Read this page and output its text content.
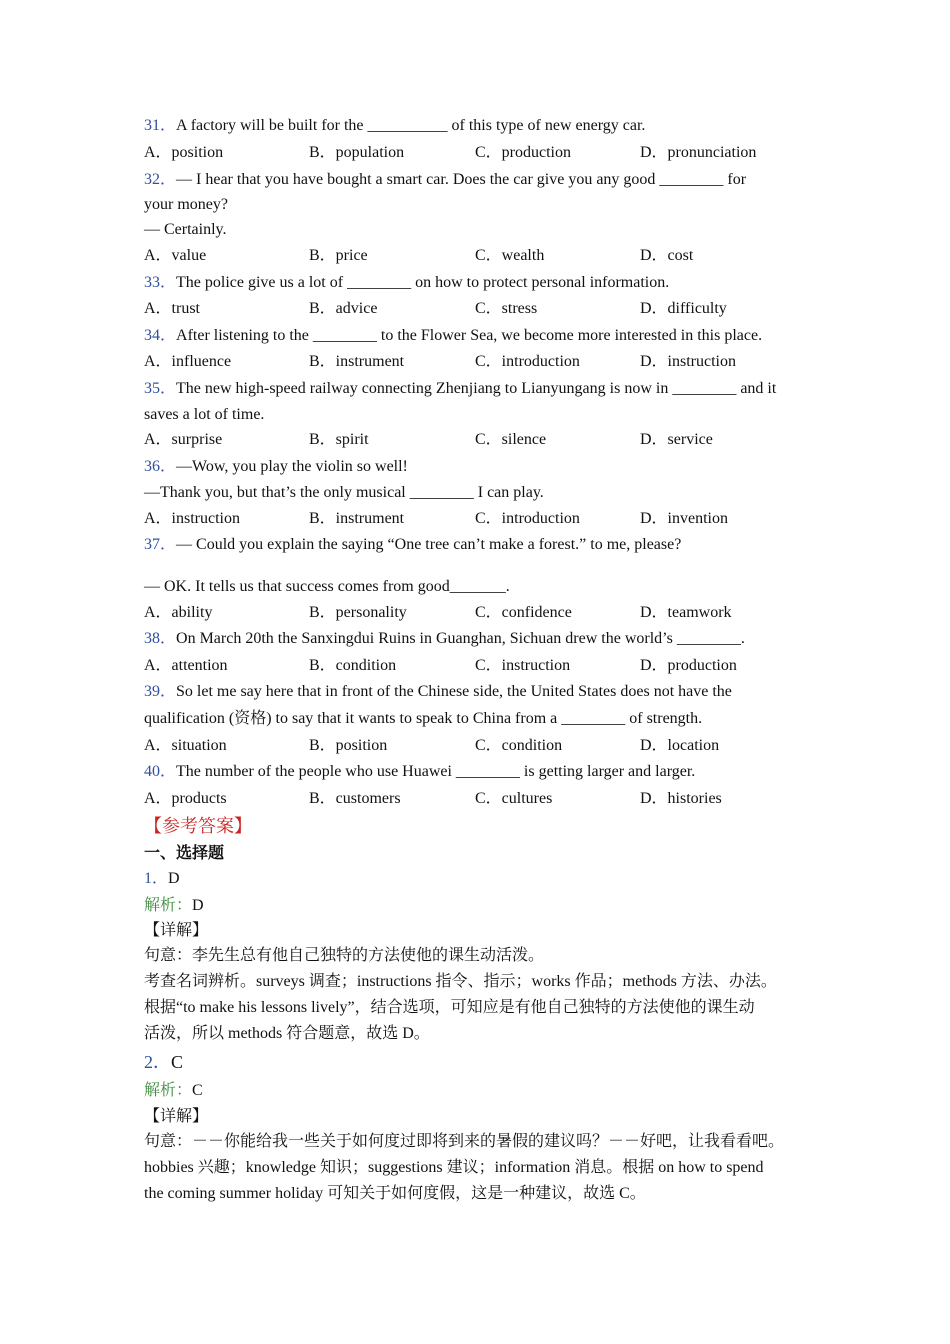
31．A factory will be built for the __________ of this type of new energy car.
A．position	B．population	C．production	D．pronunciation
32．— I hear that you have bought a smart car. Does the car give you any good ________ for
your money?
— Certainly.
A．value	B．price	C．wealth	D．cost
33．The police give us a lot of ________ on how to protect personal information.
A．trust	B．advice	C．stress	D．difficulty
34．After listening to the ________ to the Flower Sea, we become more interested in this place.
A．influence	B．instrument	C．introduction	D．instruction
35．The new high-speed railway connecting Zhenjiang to Lianyungang is now in ________ and it
saves a lot of time.
A．surprise	B．spirit	C．silence	D．service
36．—Wow, you play the violin so well!
—Thank you, but that’s the only musical ________ I can play.
A．instruction	B．instrument	C．introduction	D．invention
37．— Could you explain the saying “One tree can’t make a forest.” to me, please?
— OK. It tells us that success comes from good_______.
A．ability	B．personality	C．confidence	D．teamwork
38．On March 20th the Sanxingdui Ruins in Guanghan, Sichuan drew the world’s ________.
A．attention	B．condition	C．instruction	D．production
39．So let me say here that in front of the Chinese side, the United States does not have the
qualification (资格) to say that it wants to speak to China from a ________ of strength.
A．situation	B．position	C．condition	D．location
40．The number of the people who use Huawei ________ is getting larger and larger.
A．products	B．customers	C．cultures	D．histories
【参考答案】
一、选择题
1．D
解析：D
【详解】
句意：李先生总有他自己独特的方法使他的课生动活泼。
考查名词辨析。surveys 调查；instructions 指令、指示；works 作品；methods 方法、办法。
根据“to make his lessons lively”，结合选项，可知应是有他自己独特的方法使他的课生动
活泼，所以 methods 符合题意，故选 D。
2．C
解析：C
【详解】
句意：－－你能给我一些关于如何度过即将到来的暑假的建议吗？－－好吧，让我看看吧。
hobbies 兴趣；knowledge 知识；suggestions 建议；information 消息。根据 on how to spend
the coming summer holiday 可知关于如何度假，这是一种建议，故选 C。
